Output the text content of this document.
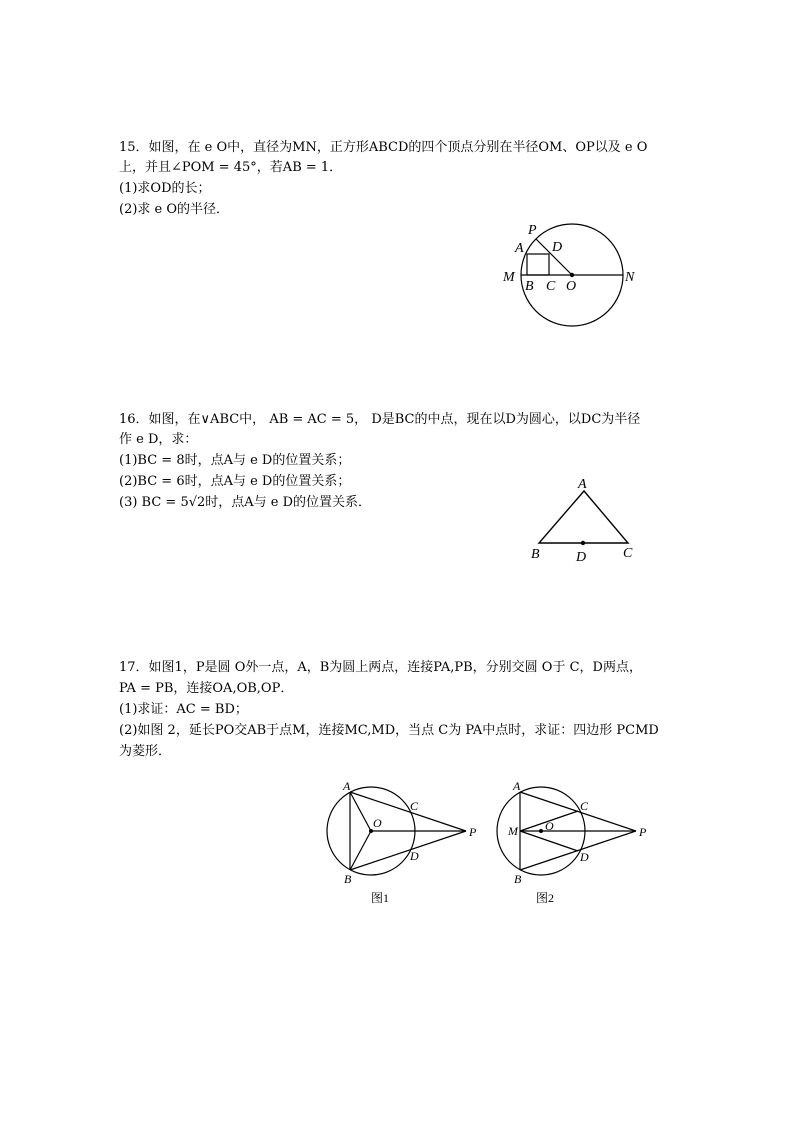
15．如图，在 e O中，直径为MN，正方形ABCD的四个顶点分别在半径OM、OP以及 e O
上，并且∠POM = 45°，若AB = 1．
(1)求OD的长；
(2)求 e O的半径．
P
A D
M
B C O
N
16．如图，在∨ABC中， AB = AC = 5， D是BC的中点，现在以D为圆心，以DC为半径
作 e D，求：
(1)BC = 8时，点A与 e D的位置关系；
(2)BC = 6时，点A与 e D的位置关系；
(3) BC = 5√2时，点A与 e D的位置关系．
A
B	D	C
17．如图1，P是圆 O外一点，A，B为圆上两点，连接PA,PB，分别交圆 O于 C，D两点，
PA = PB，连接OA,OB,OP．
(1)求证：AC = BD；
(2)如图 2，延长PO交AB于点M，连接MC,MD，当点 C为 PA中点时，求证：四边形 PCMD
为菱形．
A
B
C
D
O
P
图1
A
B
C
D
O
M	P
图2
